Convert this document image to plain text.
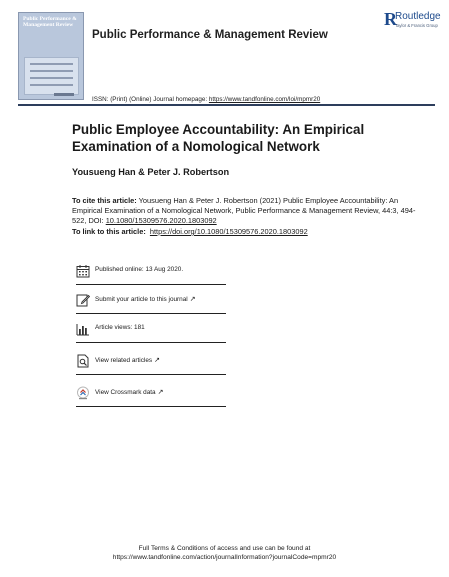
Public Performance &
Management Review	R
Routledge
Taylor & Francis Group
Public Performance & Management Review
ISSN: (Print) (Online) Journal homepage: https://www.tandfonline.com/loi/mpmr20
Public Employee Accountability: An Empirical Examination of a Nomological Network
Yousueng Han & Peter J. Robertson
To cite this article: Yousueng Han & Peter J. Robertson (2021) Public Employee Accountability: An Empirical Examination of a Nomological Network, Public Performance & Management Review, 44:3, 494-522, DOI: 10.1080/15309576.2020.1803092
To link to this article: https://doi.org/10.1080/15309576.2020.1803092
Published online: 13 Aug 2020.
Submit your article to this journal ↗
Article views: 181
View related articles ↗
View Crossmark data ↗
Full Terms & Conditions of access and use can be found at
https://www.tandfonline.com/action/journalInformation?journalCode=mpmr20
